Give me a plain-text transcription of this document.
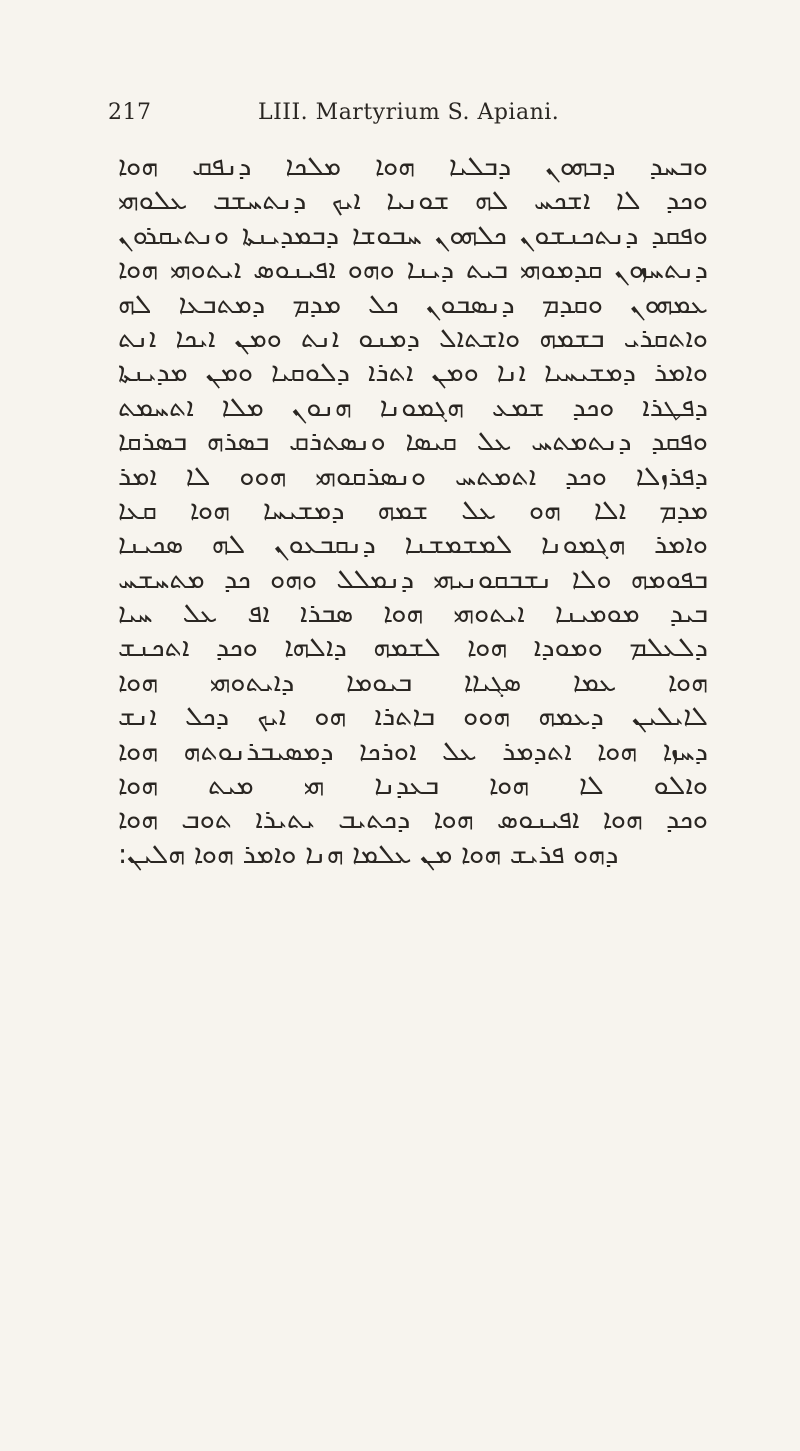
217	LIII. Martyrium S. Apiani.
ܘܒܚܕ ܕܒܗܘܢ ܕܒܠܝܐ ܗܘܐ ܡܠܟܐ ܕܢܦܩ ܗܘܐ
ܘܟܕ ܠܐ ܐܫܟܚ ܠܗ ܫܘܢܝܐ ܐܝܟ ܕܢܬܚܫܒ ܥܠܘܗܝ
ܘܦܩܕ ܕܢܬܟܢܫܘܢ ܟܠܗܘܢ ܚܒܘܫܐ ܕܒܡܕܝܢܬܐ ܘܢܬܝܩܪܘܢ
ܕܢܬܚܙܘܢ ܩܕܡܘܗܝ ܒܝܬ ܕܝܢܐ ܘܗܘ ܐܦܝܢܘܣ ܐܝܬܘܗܝ ܗܘܐ
ܥܡܗܘܢ ܘܩܕܡ ܕܢܣܒܘܢ ܟܠ ܡܕܡ ܕܡܬܒܥܐ ܠܗ
ܘܐܬܩܪܝ ܒܫܡܗ ܘܐܫܬܐܠ ܕܡܢܘ ܐܢܬ ܘܡܢ ܐܝܟܐ ܐܢܬ
ܘܐܡܪ ܕܡܫܝܚܝܐ ܐܢܐ ܘܡܢ ܐܬܪܐ ܕܠܘܩܝܐ ܘܡܢ ܡܕܝܢܬܐ
ܕܦܛܪܐ ܘܟܕ ܫܡܥ ܗܓܡܘܢܐ ܗܢܘܢ ܡܠܐ ܐܬܚܡܬ
ܘܦܩܕ ܕܢܬܡܬܚ ܥܠ ܩܝܣܐ ܘܢܣܬܪܩ ܒܣܪܗ ܒܣܪܩܐ
ܕܦܪܙܠܐ ܘܟܕ ܐܬܡܬܚ ܘܢܣܪܩܘܗܝ ܗܘܘ ܠܐ ܐܡܪ
ܡܕܡ ܐܠܐ ܗܘ ܥܠ ܫܡܗ ܕܡܫܝܚܐ ܗܘܐ ܩܥܐ
ܘܐܡܪ ܗܓܡܘܢܐ ܠܡܫܡܫܢܐ ܕܢܩܒܥܘܢ ܠܗ ܣܟܝܢܐ
ܒܦܘܡܗ ܘܠܐ ܢܫܒܩܘܢܝܗܝ ܕܢܡܠܠ ܘܗܘ ܟܕ ܡܬܚܫܚ
ܒܝܕ ܡܘܡܝܢܐ ܐܝܬܘܗܝ ܗܘܐ ܣܒܪܐ ܐܦ ܥܠ ܚܝܐ
ܕܠܥܠܡ ܘܡܘܕܐ ܗܘܐ ܠܫܡܗ ܕܐܠܗܐ ܘܟܕ ܐܬܟܢܫ
ܗܘܐ ܥܡܐ ܣܓܝܐܐ ܒܝܘܡܐ ܕܐܝܬܘܗܝ ܗܘܐ
ܠܐܝܠܝܢ ܕܥܡܗ ܗܘܘ ܒܐܬܪܐ ܗܘ ܐܝܟ ܕܟܠ ܐܢܫ
ܕܚܙܐ ܗܘܐ ܐܬܕܡܪ ܥܠ ܐܘܪܟܐ ܕܡܣܝܒܪܢܘܬܗ ܗܘܐ
ܘܐܠܘ ܠܐ ܗܘܐ ܒܥܕܢܐ ܗܝ ܡܝܬ ܗܘܐ
ܘܟܕ ܗܘܐ ܐܦܝܢܘܣ ܗܘܐ ܕܟܬܝܒ ܝܬܝܪܐ ܬܘܒ ܗܘܐ
ܕܗܘ ܦܪܝܫ ܗܘܐ ܡܢ ܥܠܡܐ ܗܢܐ ܘܐܡܪ ܗܘܐ ܗܠܝܢ:
